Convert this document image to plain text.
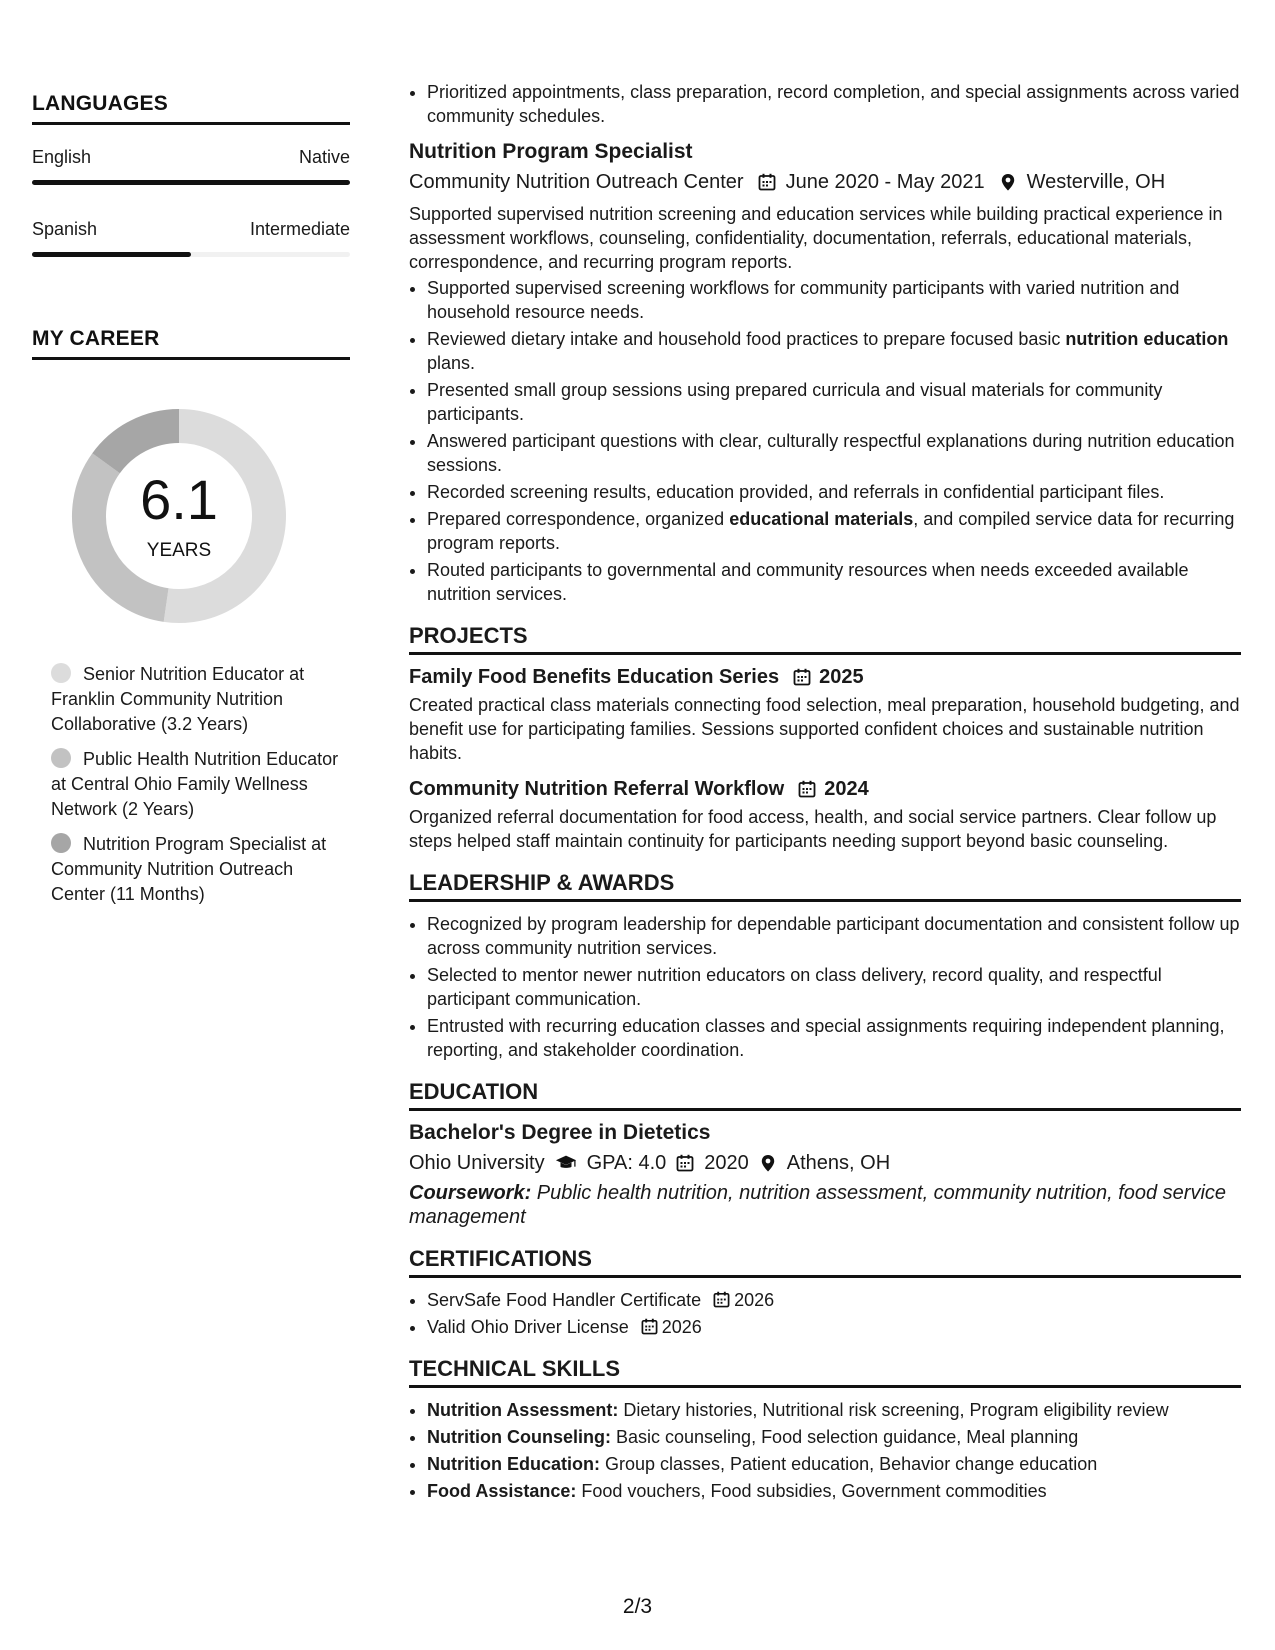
LANGUAGES
English	Native
Spanish	Intermediate
MY CAREER
6.1
YEARS
Senior Nutrition Educator at Franklin Community Nutrition Collaborative (3.2 Years)
Public Health Nutrition Educator at Central Ohio Family Wellness Network (2 Years)
Nutrition Program Specialist at Community Nutrition Outreach Center (11 Months)
• Prioritized appointments, class preparation, record completion, and special assignments across varied community schedules.
Nutrition Program Specialist
Community Nutrition Outreach Center June 2020 - May 2021 Westerville, OH
Supported supervised nutrition screening and education services while building practical experience in assessment workflows, counseling, confidentiality, documentation, referrals, educational materials, correspondence, and recurring program reports.
• Supported supervised screening workflows for community participants with varied nutrition and household resource needs.
• Reviewed dietary intake and household food practices to prepare focused basic nutrition education plans.
• Presented small group sessions using prepared curricula and visual materials for community participants.
• Answered participant questions with clear, culturally respectful explanations during nutrition education sessions.
• Recorded screening results, education provided, and referrals in confidential participant files.
• Prepared correspondence, organized educational materials, and compiled service data for recurring program reports.
• Routed participants to governmental and community resources when needs exceeded available nutrition services.
PROJECTS
Family Food Benefits Education Series 2025
Created practical class materials connecting food selection, meal preparation, household budgeting, and benefit use for participating families. Sessions supported confident choices and sustainable nutrition habits.
Community Nutrition Referral Workflow 2024
Organized referral documentation for food access, health, and social service partners. Clear follow up steps helped staff maintain continuity for participants needing support beyond basic counseling.
LEADERSHIP & AWARDS
• Recognized by program leadership for dependable participant documentation and consistent follow up across community nutrition services.
• Selected to mentor newer nutrition educators on class delivery, record quality, and respectful participant communication.
• Entrusted with recurring education classes and special assignments requiring independent planning, reporting, and stakeholder coordination.
EDUCATION
Bachelor's Degree in Dietetics
Ohio University GPA: 4.0 2020 Athens, OH
Coursework: Public health nutrition, nutrition assessment, community nutrition, food service management
CERTIFICATIONS
• ServSafe Food Handler Certificate 2026
• Valid Ohio Driver License 2026
TECHNICAL SKILLS
• Nutrition Assessment: Dietary histories, Nutritional risk screening, Program eligibility review
• Nutrition Counseling: Basic counseling, Food selection guidance, Meal planning
• Nutrition Education: Group classes, Patient education, Behavior change education
• Food Assistance: Food vouchers, Food subsidies, Government commodities
2/3
